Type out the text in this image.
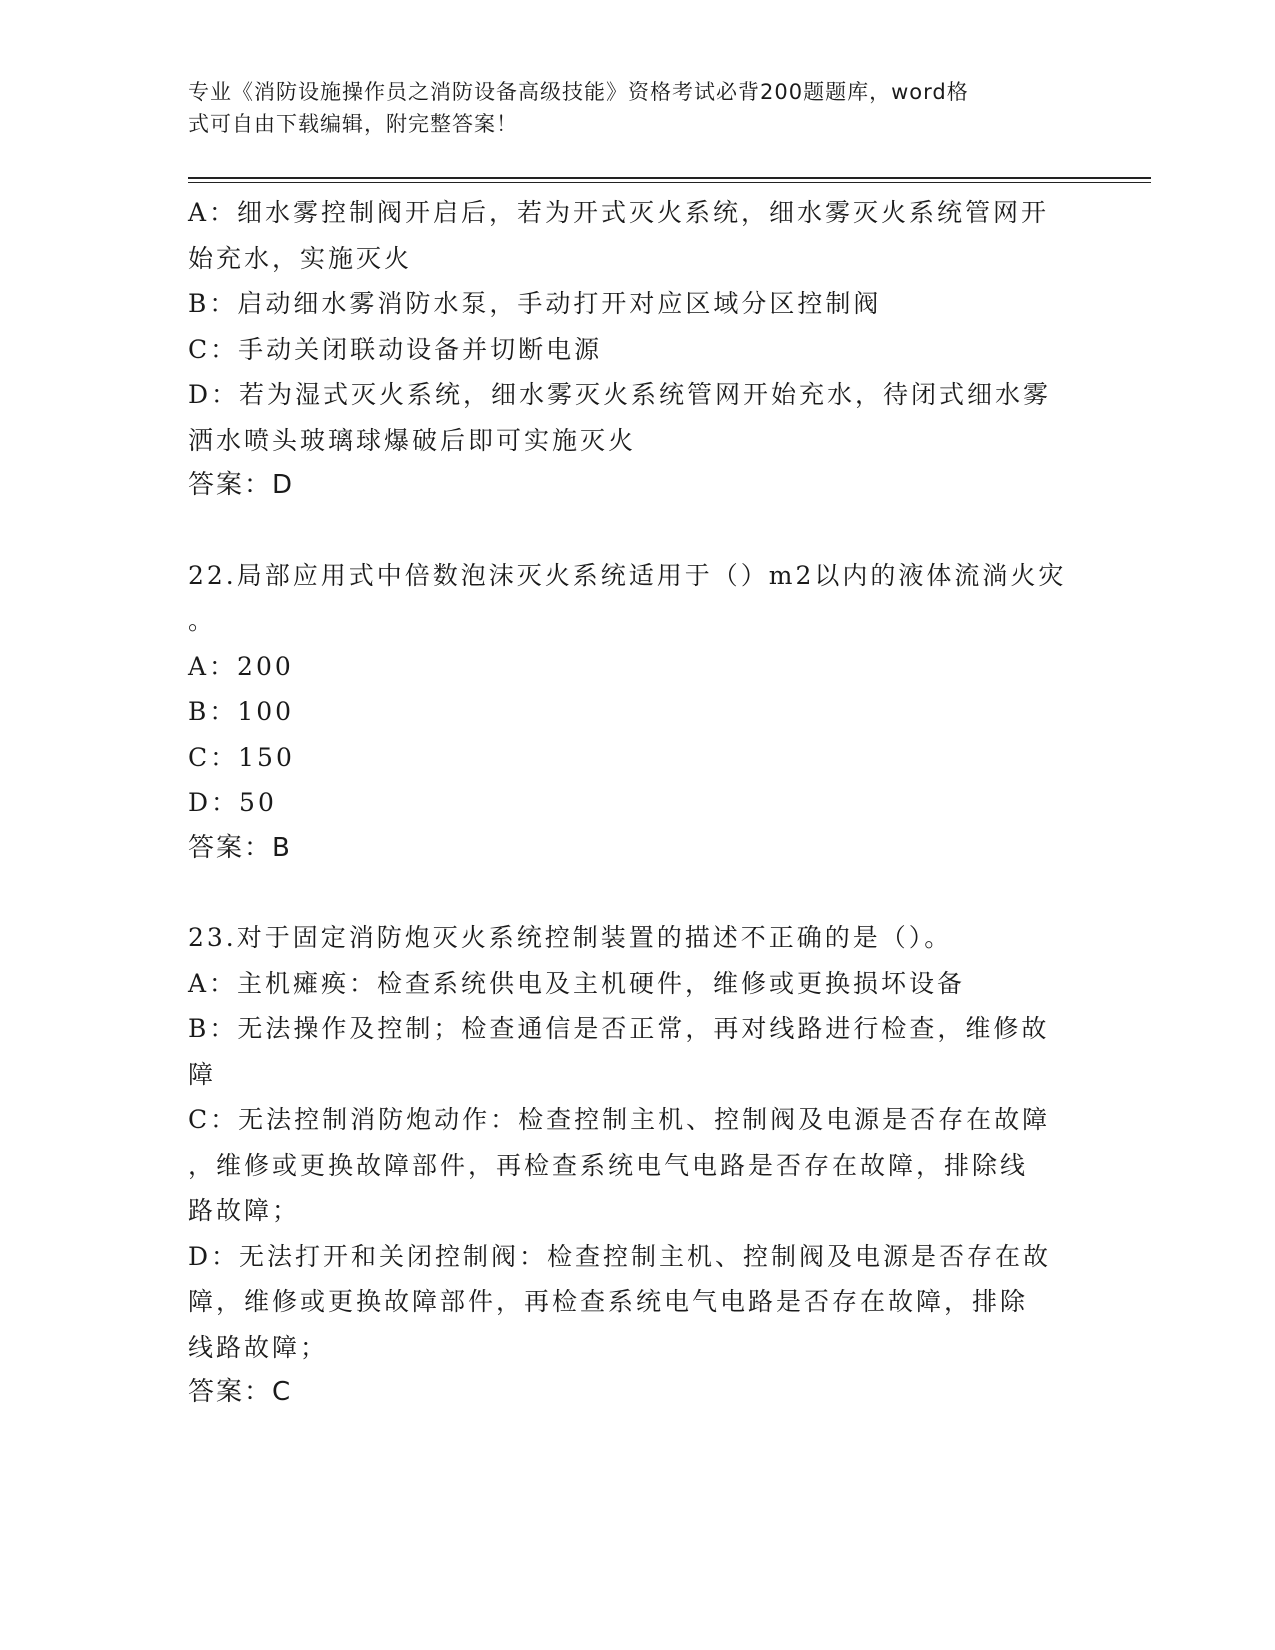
专业《消防设施操作员之消防设备高级技能》资格考试必背200题题库，word格
式可自由下载编辑，附完整答案！
A：细水雾控制阀开启后，若为开式灭火系统，细水雾灭火系统管网开
始充水，实施灭火
B：启动细水雾消防水泵，手动打开对应区域分区控制阀
C：手动关闭联动设备并切断电源
D：若为湿式灭火系统，细水雾灭火系统管网开始充水，待闭式细水雾
洒水喷头玻璃球爆破后即可实施灭火
答案：D
22.局部应用式中倍数泡沫灭火系统适用于（）m2以内的液体流淌火灾
。
A：200
B：100
C：150
D：50
答案：B
23.对于固定消防炮灭火系统控制装置的描述不正确的是（）。
A：主机瘫痪：检查系统供电及主机硬件，维修或更换损坏设备
B：无法操作及控制；检查通信是否正常，再对线路进行检查，维修故
障
C：无法控制消防炮动作：检查控制主机、控制阀及电源是否存在故障
，维修或更换故障部件，再检查系统电气电路是否存在故障，排除线
路故障；
D：无法打开和关闭控制阀：检查控制主机、控制阀及电源是否存在故
障，维修或更换故障部件，再检查系统电气电路是否存在故障，排除
线路故障；
答案：C
